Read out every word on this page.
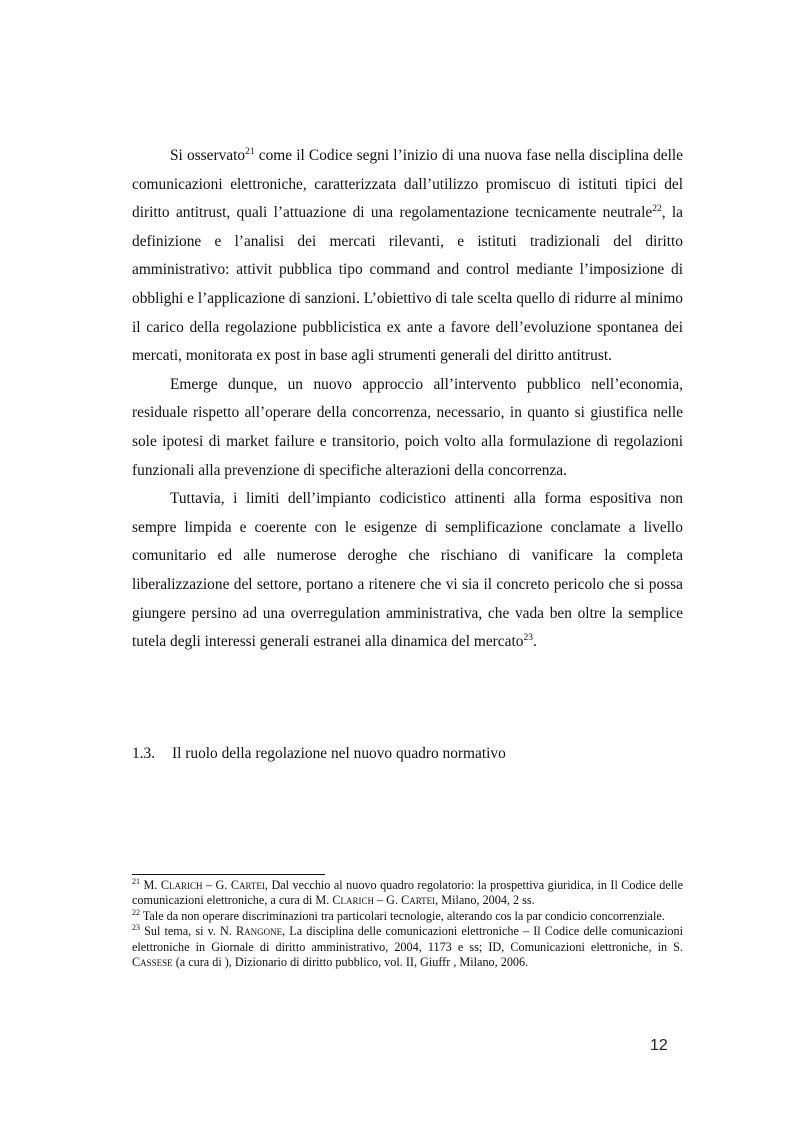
Si osservato$^{21}$ come il Codice segni l’inizio di una nuova fase nella disciplina delle comunicazioni elettroniche, caratterizzata dall’utilizzo promiscuo di istituti tipici del diritto antitrust, quali l’attuazione di una regolamentazione tecnicamente neutrale$^{22}$, la definizione e l’analisi dei mercati rilevanti, e istituti tradizionali del diritto amministrativo: attivit pubblica tipo command and control mediante l’imposizione di obblighi e l’applicazione di sanzioni. L’obiettivo di tale scelta quello di ridurre al minimo il carico della regolazione pubblicistica ex ante a favore dell’evoluzione spontanea dei mercati, monitorata ex post in base agli strumenti generali del diritto antitrust.

Emerge dunque, un nuovo approccio all’intervento pubblico nell’economia, residuale rispetto all’operare della concorrenza, necessario, in quanto si giustifica nelle sole ipotesi di market failure e transitorio, poich volto alla formulazione di regolazioni funzionali alla prevenzione di specifiche alterazioni della concorrenza.

Tuttavia, i limiti dell’impianto codicistico attinenti alla forma espositiva non sempre limpida e coerente con le esigenze di semplificazione conclamate a livello comunitario ed alle numerose deroghe che rischiano di vanificare la completa liberalizzazione del settore, portano a ritenere che vi sia il concreto pericolo che si possa giungere persino ad una overregulation amministrativa, che vada ben oltre la semplice tutela degli interessi generali estranei alla dinamica del mercato$^{23}$.

1.3. Il ruolo della regolazione nel nuovo quadro normativo

$^{21}$ M. Clarich – G. Cartei, Dal vecchio al nuovo quadro regolatorio: la prospettiva giuridica, in Il Codice delle comunicazioni elettroniche, a cura di M. Clarich – G. Cartei, Milano, 2004, 2 ss.

$^{22}$ Tale da non operare discriminazioni tra particolari tecnologie, alterando cos la par condicio concorrenziale.

$^{23}$ Sul tema, si v. N. Rangone, La disciplina delle comunicazioni elettroniche – Il Codice delle comunicazioni elettroniche in Giornale di diritto amministrativo, 2004, 1173 e ss; ID, Comunicazioni elettroniche, in S. Cassese (a cura di ), Dizionario di diritto pubblico, vol. II, Giuffr , Milano, 2006.

12
